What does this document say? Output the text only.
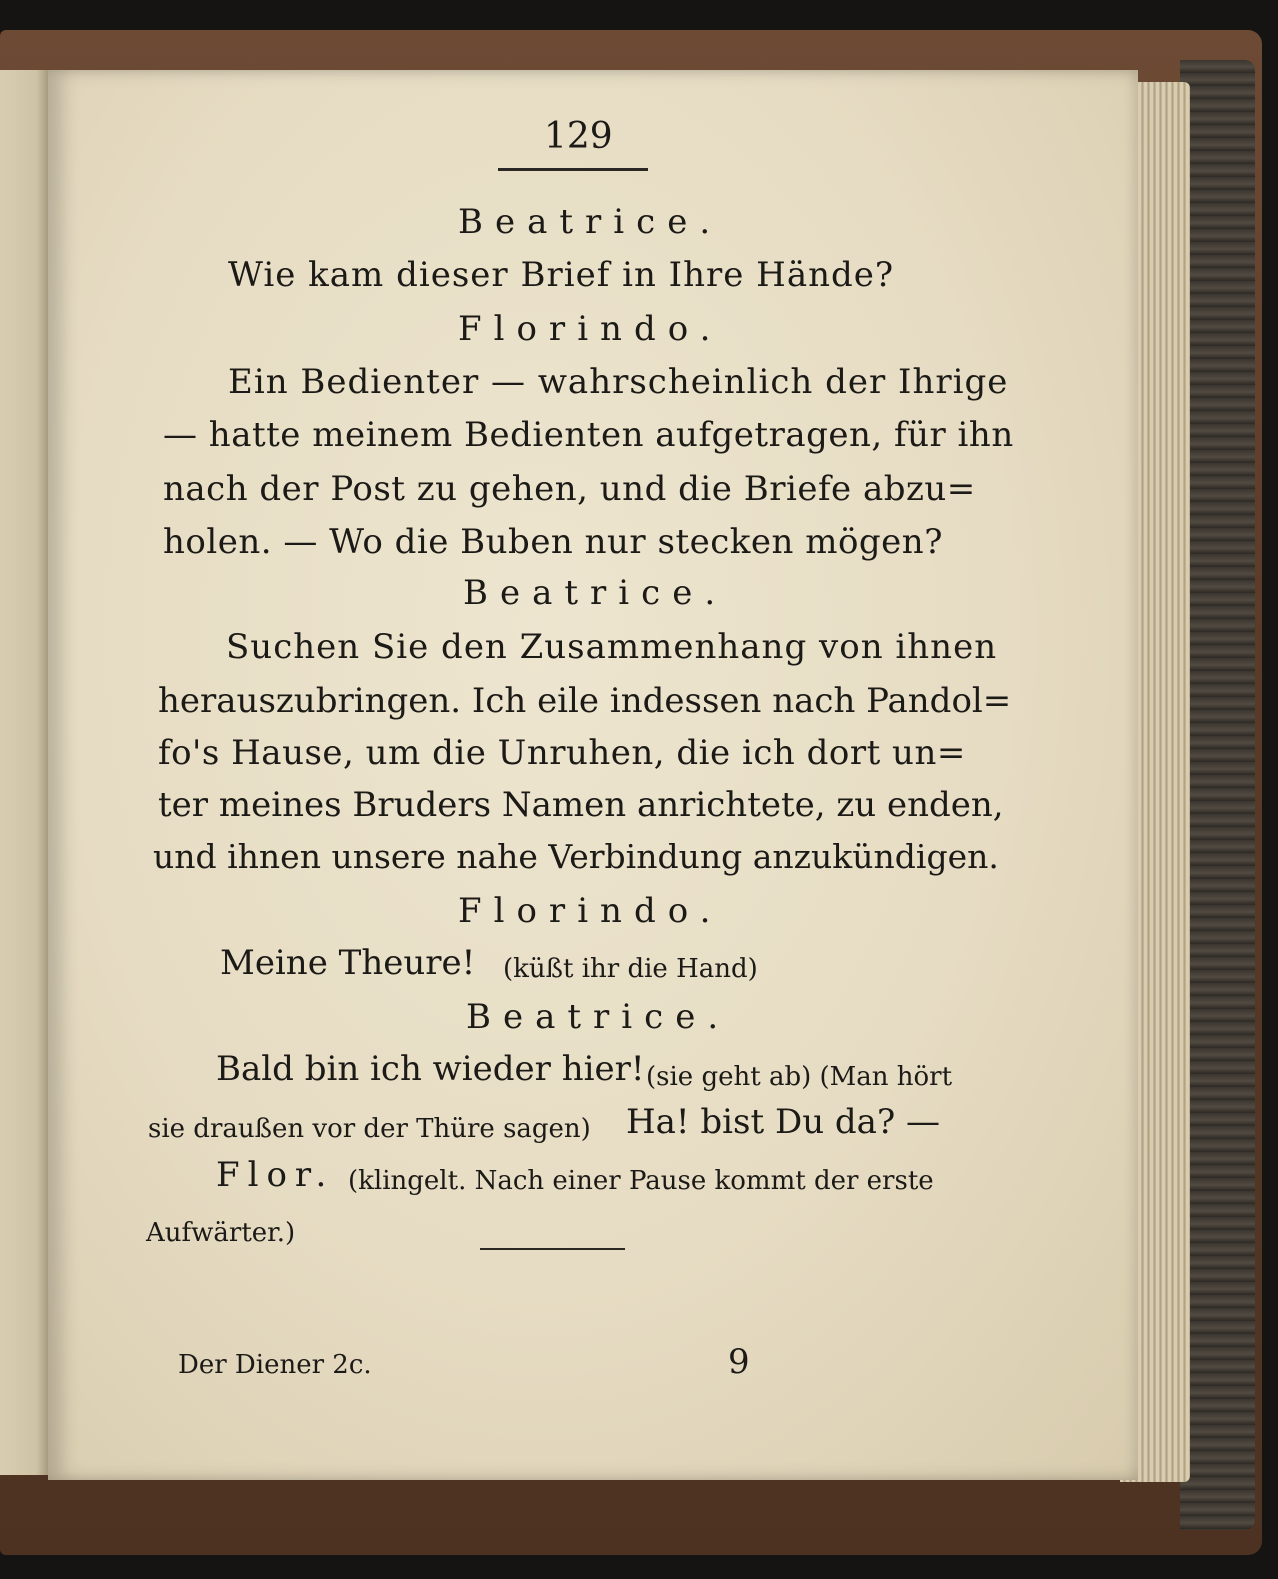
129
Beatrice.
Wie kam dieser Brief in Ihre Hände?
Florindo.
Ein Bedienter — wahrscheinlich der Ihrige
— hatte meinem Bedienten aufgetragen, für ihn
nach der Post zu gehen, und die Briefe abzu=
holen. — Wo die Buben nur stecken mögen?
Beatrice.
Suchen Sie den Zusammenhang von ihnen
herauszubringen. Ich eile indessen nach Pandol=
fo's Hause, um die Unruhen, die ich dort un=
ter meines Bruders Namen anrichtete, zu enden,
und ihnen unsere nahe Verbindung anzukündigen.
Florindo.
Meine Theure! (küßt ihr die Hand)
Beatrice.
Bald bin ich wieder hier! (sie geht ab) (Man hört
sie draußen vor der Thüre sagen) Ha! bist Du da? —
Flor. (klingelt. Nach einer Pause kommt der erste
Aufwärter.)
Der Diener 2c.	9
